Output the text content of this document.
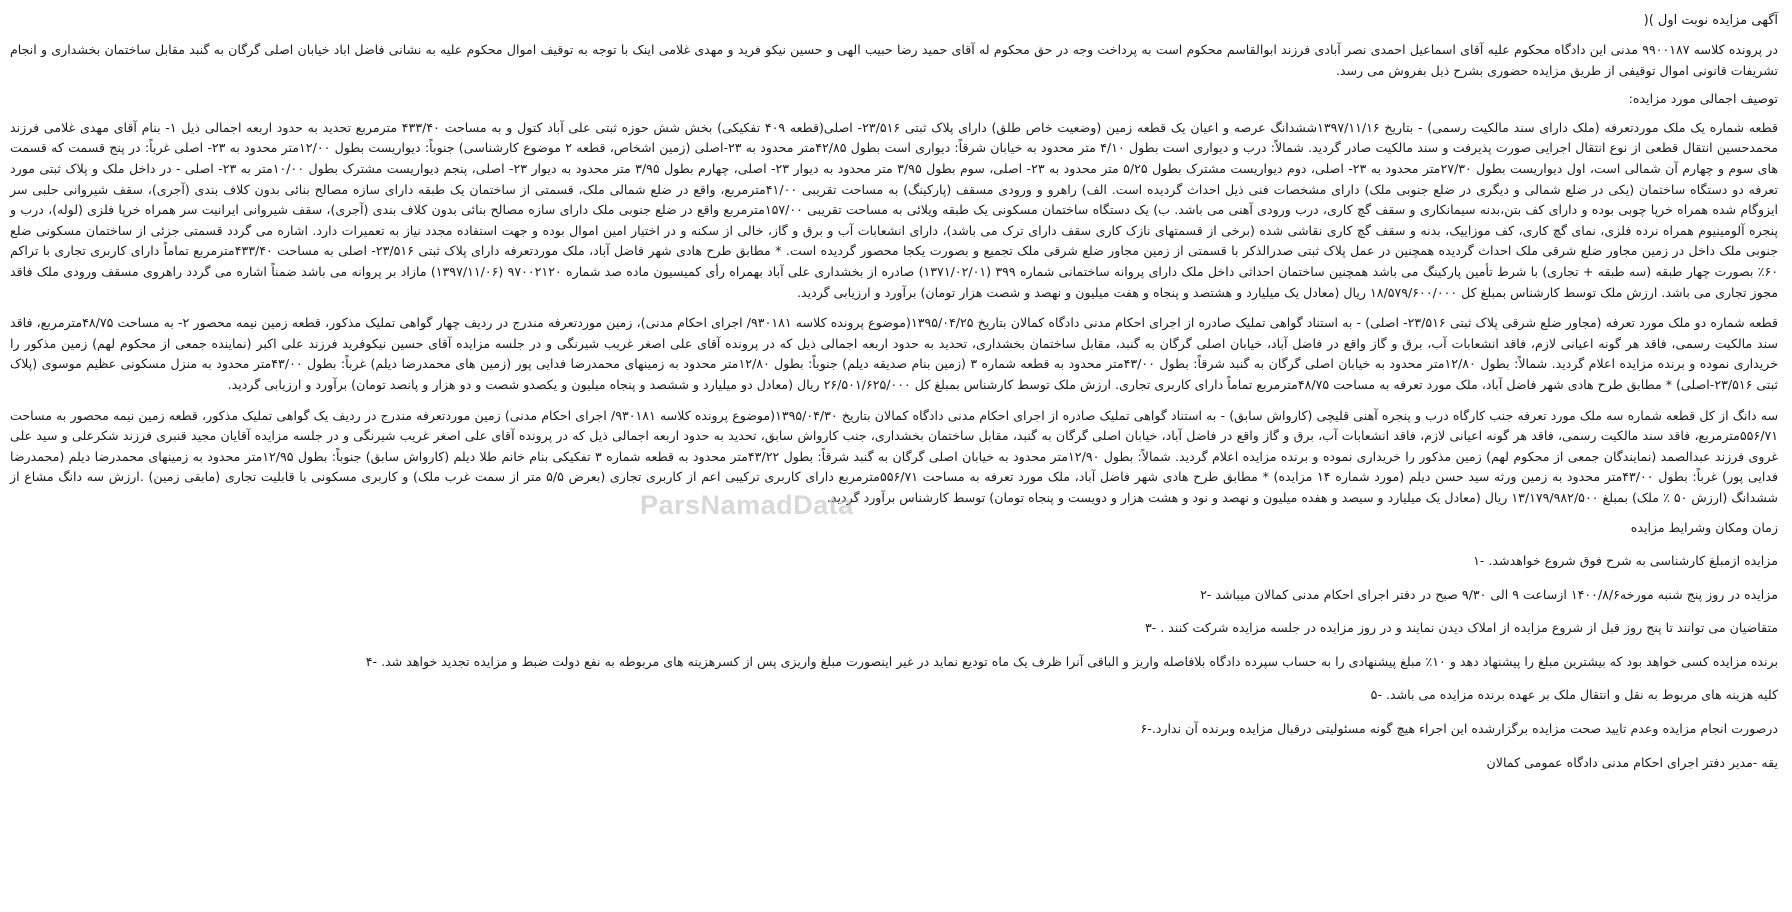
آگهی مزایده نوبت اول )(

در پرونده کلاسه ۹۹۰۰۱۸۷ مدنی این دادگاه محکوم علیه آقای اسماعیل احمدی نصر آبادی فرزند ابوالقاسم محکوم است به پرداخت وجه در حق محکوم له آقای حمید رضا حبیب الهی و حسین نیکو فرید و مهدی غلامی اینک با توجه به توقیف اموال محکوم علیه به نشانی فاضل اباد خیابان اصلی گرگان به گنبد مقابل ساختمان بخشداری و انجام تشریفات قانونی اموال توقیفی از طریق مزایده حضوری بشرح ذیل بفروش می رسد.

توصیف اجمالی مورد مزایده:

قطعه شماره یک ملک موردتعرفه (ملک دارای سند مالکیت رسمی) - بتاریخ ۱۳۹۷/۱۱/۱۶ششدانگ عرصه و اعیان یک قطعه زمین (وضعیت خاص طلق) دارای پلاک ثبتی ۲۳/۵۱۶- اصلی(قطعه ۴۰۹ تفکیکی) بخش شش حوزه ثبتی علی آباد کتول و به مساحت ۴۳۳/۴۰ مترمربع تحدید به حدود اربعه اجمالی ذیل ۱- بنام آقای مهدی غلامی فرزند محمدحسین انتقال قطعی از نوع انتقال اجرایی صورت پذیرفت و سند مالکیت صادر گردید. شمالاً: درب و دیواری است بطول ۴/۱۰ متر محدود به خیابان شرقاً: دیواری است بطول ۴۲/۸۵متر محدود به ۲۳-اصلی (زمین اشخاص، قطعه ۲ موضوع کارشناسی) جنوباً: دیواریست بطول ۱۲/۰۰متر محدود به ۲۳- اصلی غرباً: در پنج قسمت که قسمت های سوم و چهارم آن شمالی است، اول دیواریست بطول ۲۷/۳۰متر محدود به ۲۳- اصلی، دوم دیواریست مشترک بطول ۵/۲۵ متر محدود به ۲۳- اصلی، سوم بطول ۳/۹۵ متر محدود به دیوار ۲۳- اصلی، چهارم بطول ۳/۹۵ متر محدود به دیوار ۲۳- اصلی، پنجم دیواریست مشترک بطول ۱۰/۰۰متر به ۲۳- اصلی - در داخل ملک و پلاک ثبتی مورد تعرفه دو دستگاه ساختمان (یکی در ضلع شمالی و دیگری در ضلع جنوبی ملک) دارای مشخصات فنی ذیل احداث گردیده است. الف) راهرو و ورودی مسقف (پارکینگ) به مساحت تقریبی ۴۱/۰۰مترمربع، واقع در ضلع شمالی ملک، قسمتی از ساختمان یک طبقه دارای سازه مصالح بنائی بدون کلاف بندی (آجری)، سقف شیروانی حلبی سر ایزوگام شده همراه خرپا چوبی بوده و دارای کف بتن،بدنه سیمانکاری و سقف گچ کاری، درب ورودی آهنی می باشد. ب) یک دستگاه ساختمان مسکونی یک طبقه ویلائی به مساحت تقریبی ۱۵۷/۰۰مترمربع واقع در ضلع جنوبی ملک دارای سازه مصالح بنائی بدون کلاف بندی (آجری)، سقف شیروانی ایرانیت سر همراه خرپا فلزی (لوله)، درب و پنجره آلومینیوم همراه نرده فلزی، نمای گچ کاری، کف موزاییک، بدنه و سقف گچ کاری نقاشی شده (برخی از قسمتهای نازک کاری سقف دارای ترک می باشد)، دارای انشعابات آب و برق و گاز، خالی از سکنه و در اختیار امین اموال بوده و جهت استفاده مجدد نیاز به تعمیرات دارد. اشاره می گردد قسمتی جزئی از ساختمان مسکونی ضلع جنوبی ملک داخل در زمین مجاور ضلع شرقی ملک احداث گردیده همچنین در عمل پلاک ثبتی صدرالذکر با قسمتی از زمین مجاور ضلع شرقی ملک تجمیع و بصورت یکجا محصور گردیده است. * مطابق طرح هادی شهر فاضل آباد، ملک موردتعرفه دارای پلاک ثبتی ۲۳/۵۱۶- اصلی به مساحت ۴۳۳/۴۰مترمربع تماماً دارای کاربری تجاری با تراکم ۶۰٪ بصورت چهار طبقه (سه طبقه + تجاری) با شرط تأمین پارکینگ می باشد همچنین ساختمان احداثی داخل ملک دارای پروانه ساختمانی شماره ۳۹۹ (۱۳۷۱/۰۲/۰۱) صادره از بخشداری علی آباد بهمراه رأی کمیسیون ماده صد شماره ۹۷۰۰۲۱۲۰ (۱۳۹۷/۱۱/۰۶) مازاد بر پروانه می باشد ضمناً اشاره می گردد راهروی مسقف ورودی ملک فاقد مجوز تجاری می باشد. ارزش ملک توسط کارشناس بمبلغ کل ۱۸/۵۷۹/۶۰۰/۰۰۰ ریال (معادل یک میلیارد و هشتصد و پنجاه و هفت میلیون و نهصد و شصت هزار تومان) برآورد و ارزیابی گردید.

قطعه شماره دو ملک مورد تعرفه (مجاور ضلع شرقی پلاک ثبتی ۲۳/۵۱۶- اصلی) - به استناد گواهی تملیک صادره از اجرای احکام مدنی دادگاه کمالان بتاریخ ۱۳۹۵/۰۴/۲۵(موضوع پرونده کلاسه ۹۳۰۱۸۱/ اجرای احکام مدنی)، زمین موردتعرفه مندرج در ردیف چهار گواهی تملیک مذکور، قطعه زمین نیمه محصور ۲- به مساحت ۴۸/۷۵مترمربع، فاقد سند مالکیت رسمی، فاقد هر گونه اعیانی لازم، فاقد انشعابات آب، برق و گاز واقع در فاضل آباد، خیابان اصلی گرگان به گنبد، مقابل ساختمان بخشداری، تحدید به حدود اربعه اجمالی ذیل که در پرونده آقای علی اصغر غریب شیرنگی و در جلسه مزایده آقای حسین نیکوفرید فرزند علی اکبر (نماینده جمعی از محکوم لهم) زمین مذکور را خریداری نموده و برنده مزایده اعلام گردید. شمالاً: بطول ۱۲/۸۰متر محدود به خیابان اصلی گرگان به گنبد شرقاً: بطول ۴۳/۰۰متر محدود به قطعه شماره ۳ (زمین بنام صدیقه دیلم) جنوباً: بطول ۱۲/۸۰متر محدود به زمینهای محمدرضا فدایی پور (زمین های محمدرضا دیلم) غرباً: بطول ۴۳/۰۰متر محدود به منزل مسکونی عظیم موسوی (پلاک ثبتی ۲۳/۵۱۶-اصلی) * مطابق طرح هادی شهر فاضل آباد، ملک مورد تعرفه به مساحت ۴۸/۷۵مترمربع تماماً دارای کاربری تجاری. ارزش ملک توسط کارشناس بمبلغ کل ۲۶/۵۰۱/۶۲۵/۰۰۰ ریال (معادل دو میلیارد و ششصد و پنجاه میلیون و یکصدو شصت و دو هزار و پانصد تومان) برآورد و ارزیابی گردید.

سه دانگ از کل قطعه شماره سه ملک مورد تعرفه جنب کارگاه درب و پنجره آهنی قلیچی (کارواش سابق) - به استناد گواهی تملیک صادره از اجرای احکام مدنی دادگاه کمالان بتاریخ ۱۳۹۵/۰۴/۳۰(موضوع پرونده کلاسه ۹۳۰۱۸۱/ اجرای احکام مدنی) زمین موردتعرفه مندرج در ردیف یک گواهی تملیک مذکور، قطعه زمین نیمه محصور به مساحت ۵۵۶/۷۱مترمربع، فاقد سند مالکیت رسمی، فاقد هر گونه اعیانی لازم، فاقد انشعابات آب، برق و گاز واقع در فاضل آباد، خیابان اصلی گرگان به گنبد، مقابل ساختمان بخشداری، جنب کارواش سابق، تحدید به حدود اربعه اجمالی ذیل که در پرونده آقای علی اصغر غریب شیرنگی و در جلسه مزایده آقایان مجید قنبری فرزند شکرعلی و سید علی غروی فرزند عبدالصمد (نمایندگان جمعی از محکوم لهم) زمین مذکور را خریداری نموده و برنده مزایده اعلام گردید. شمالاً: بطول ۱۲/۹۰متر محدود به خیابان اصلی گرگان به گنبد شرقاً: بطول ۴۳/۲۲متر محدود به قطعه شماره ۳ تفکیکی بنام خانم طلا دیلم (کارواش سابق) جنوباً: بطول ۱۲/۹۵متر محدود به زمینهای محمدرضا دیلم (محمدرضا فدایی پور) غرباً: بطول ۴۳/۰۰متر محدود به زمین ورثه سید حسن دیلم (مورد شماره ۱۴ مزایده) * مطابق طرح هادی شهر فاضل آباد، ملک مورد تعرفه به مساحت ۵۵۶/۷۱مترمربع دارای کاربری ترکیبی اعم از کاربری تجاری (بعرض ۵/۵ متر از سمت غرب ملک) و کاربری مسکونی با قابلیت تجاری (مابقی زمین) .ارزش سه دانگ مشاع از ششدانگ (ارزش ۵۰ ٪ ملک) بمبلغ ۱۳/۱۷۹/۹۸۲/۵۰۰ ریال (معادل یک میلیارد و سیصد و هفده میلیون و نهصد و نود و هشت هزار و دویست و پنجاه تومان) توسط کارشناس برآورد گردید.

زمان ومکان وشرایط مزایده

مزایده ازمبلغ کارشناسی به شرح فوق شروع خواهدشد. -۱

مزایده در روز پنج شنبه مورخه۱۴۰۰/۸/۶ ازساعت ۹ الی ۹/۳۰ صبح در دفتر اجرای احکام مدنی کمالان میباشد -۲

متقاضیان می توانند تا پنج روز قبل از شروع مزایده از املاک دیدن نمایند و در روز مزایده در جلسه مزایده شرکت کنند . -۳

برنده مزایده کسی خواهد بود که بیشترین مبلغ را پیشنهاد دهد و ۱۰٪ مبلغ پیشنهادی را به حساب سپرده دادگاه بلافاصله واریز و الباقی آنرا ظرف یک ماه تودیع نماید در غیر اینصورت مبلغ واریزی پس از کسرهزینه های مربوطه به نفع دولت ضبط و مزایده تجدید خواهد شد. -۴

کلیه هزینه های مربوط به نقل و انتقال ملک بر عهده برنده مزایده می باشد. -۵

درصورت انجام مزایده وعدم تایید صحت مزایده برگزارشده این اجراء هیچ گونه مسئولیتی درقبال مزایده وبرنده آن ندارد.-۶

یقه -مدیر دفتر اجرای احکام مدنی دادگاه عمومی کمالان

ParsNamadData
